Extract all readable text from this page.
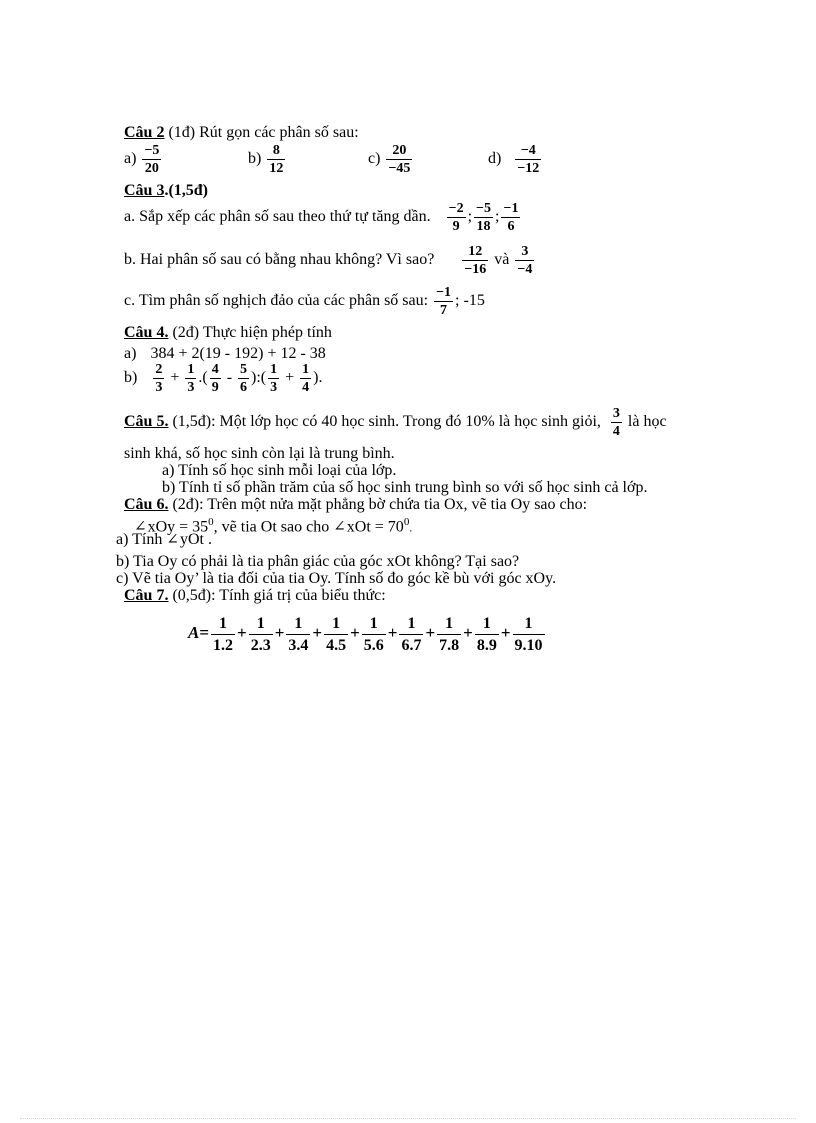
Câu 2 (1đ) Rút gọn các phân số sau:
$a) \frac{-5}{20}$	$b) \frac{8}{12}$	$c) \frac{20}{-45}$	$d) \frac{-4}{-12}$
Câu 3.(1,5đ)
a. Sắp xếp các phân số sau theo thứ tự tăng dần. $\frac{-2}{9}$ ; $\frac{-5}{18}$ ; $\frac{-1}{6}$
b. Hai phân số sau có bằng nhau không? Vì sao? $\frac{12}{-16}$ và $\frac{3}{-4}$
c. Tìm phân số nghịch đảo của các phân số sau: $\frac{-1}{7}$ ; -15
Câu 4. (2đ) Thực hiện phép tính
a) 384 + 2(19 - 192) + 12 - 38
$b) \frac{2}{3} + \frac{1}{3}$ .( $\frac{4}{9} - \frac{5}{6}$ ):( $\frac{1}{3} + \frac{1}{4}$ ).
Câu 5. (1,5đ): Một lớp học có 40 học sinh. Trong đó 10% là học sinh giỏi, $\frac{3}{4}$ là học
sinh khá, số học sinh còn lại là trung bình.
a) Tính số học sinh mỗi loại của lớp.
b) Tính tỉ số phần trăm của số học sinh trung bình so với số học sinh cả lớp.
Câu 6. (2đ): Trên một nửa mặt phẳng bờ chứa tia Ox, vẽ tia Oy sao cho:
∠xOy = $35^0$, vẽ tia Ot sao cho ∠xOt = $70^0$.
a) Tính ∠yOt .
b) Tia Oy có phải là tia phân giác của góc xOt không? Tại sao?
c) Vẽ tia Oy’ là tia đối của tia Oy. Tính số đo góc kề bù với góc xOy.
Câu 7. (0,5đ): Tính giá trị của biểu thức:
$A= \frac{1}{1.2} + \frac{1}{2.3} + \frac{1}{3.4} + \frac{1}{4.5} + \frac{1}{5.6} + \frac{1}{6.7} + \frac{1}{7.8} + \frac{1}{8.9} + \frac{1}{9.10}$
